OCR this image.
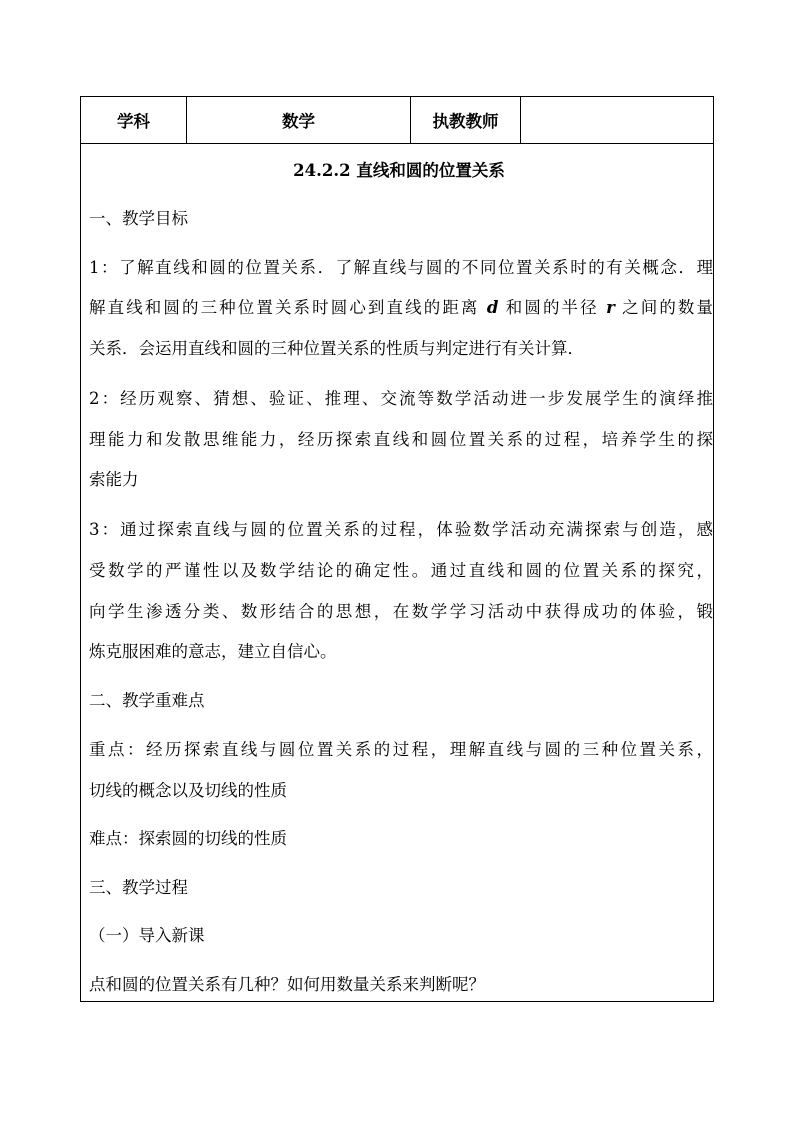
学科	数学	执教教师
24.2.2 直线和圆的位置关系
一、教学目标
1：了解直线和圆的位置关系．了解直线与圆的不同位置关系时的有关概念．理
解直线和圆的三种位置关系时圆心到直线的距离 d 和圆的半径 r 之间的数量
关系．会运用直线和圆的三种位置关系的性质与判定进行有关计算．
2：经历观察、猜想、验证、推理、交流等数学活动进一步发展学生的演绎推
理能力和发散思维能力，经历探索直线和圆位置关系的过程，培养学生的探
索能力
3：通过探索直线与圆的位置关系的过程，体验数学活动充满探索与创造，感
受数学的严谨性以及数学结论的确定性。通过直线和圆的位置关系的探究，
向学生渗透分类、数形结合的思想，在数学学习活动中获得成功的体验，锻
炼克服困难的意志，建立自信心。
二、教学重难点
重点：经历探索直线与圆位置关系的过程，理解直线与圆的三种位置关系，
切线的概念以及切线的性质
难点：探索圆的切线的性质
三、教学过程
（一）导入新课
点和圆的位置关系有几种？如何用数量关系来判断呢？
